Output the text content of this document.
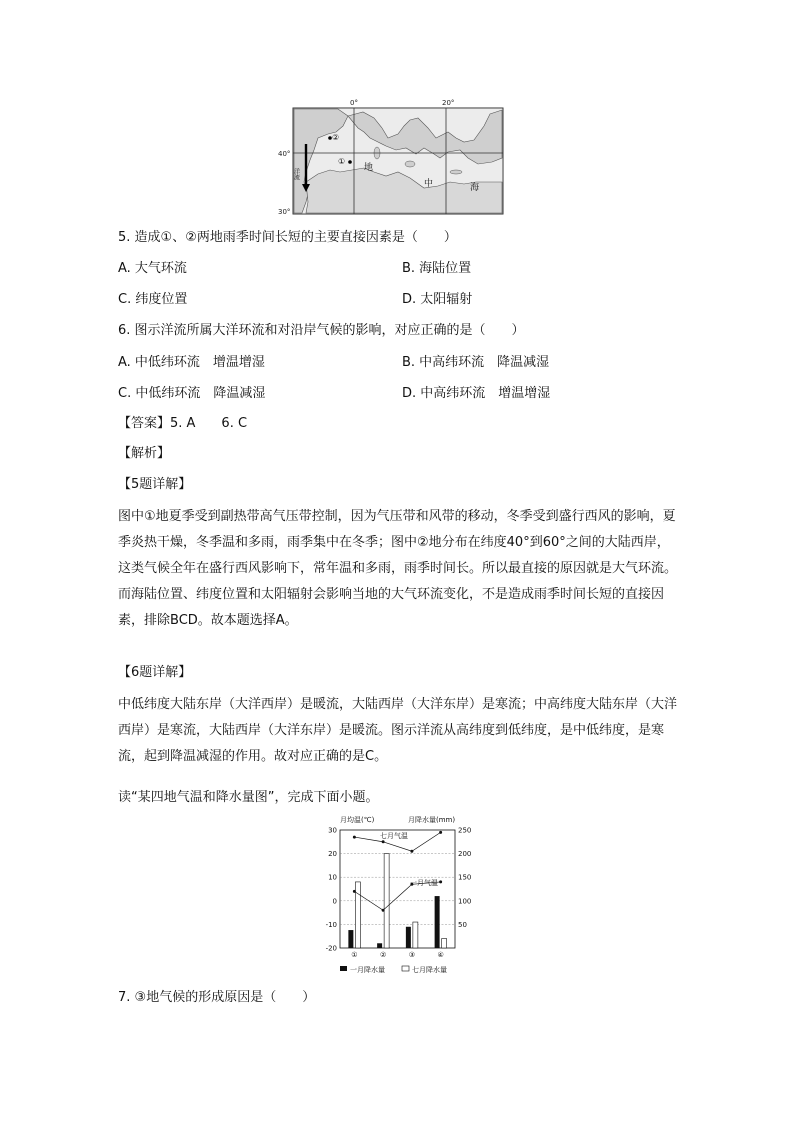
0°	20°
40°
30°
②
①
地
中	海
洋流
5. 造成①、②两地雨季时间长短的主要直接因素是（　　）
A. 大气环流	B. 海陆位置
C. 纬度位置	D. 太阳辐射
6. 图示洋流所属大洋环流和对沿岸气候的影响，对应正确的是（　　）
A. 中低纬环流　增温增湿	B. 中高纬环流　降温减湿
C. 中低纬环流　降温减湿	D. 中高纬环流　增温增湿
【答案】5. A　　6. C
【解析】
【5题详解】
图中①地夏季受到副热带高气压带控制，因为气压带和风带的移动，冬季受到盛行西风的影响，夏季炎热干燥，冬季温和多雨，雨季集中在冬季；图中②地分布在纬度40°到60°之间的大陆西岸，这类气候全年在盛行西风影响下，常年温和多雨，雨季时间长。所以最直接的原因就是大气环流。而海陆位置、纬度位置和太阳辐射会影响当地的大气环流变化，不是造成雨季时间长短的直接因素，排除BCD。故本题选择A。
【6题详解】
中低纬度大陆东岸（大洋西岸）是暖流，大陆西岸（大洋东岸）是寒流；中高纬度大陆东岸（大洋西岸）是寒流，大陆西岸（大洋东岸）是暖流。图示洋流从高纬度到低纬度，是中低纬度，是寒流，起到降温减湿的作用。故对应正确的是C。
读“某四地气温和降水量图”，完成下面小题。
30
20
10
0
-10
-20
250
200
150
100
50
①	②	③	④
月均温(℃)	月降水量(mm)
七月气温
一月气温
一月降水量	七月降水量
7. ③地气候的形成原因是（　　）
